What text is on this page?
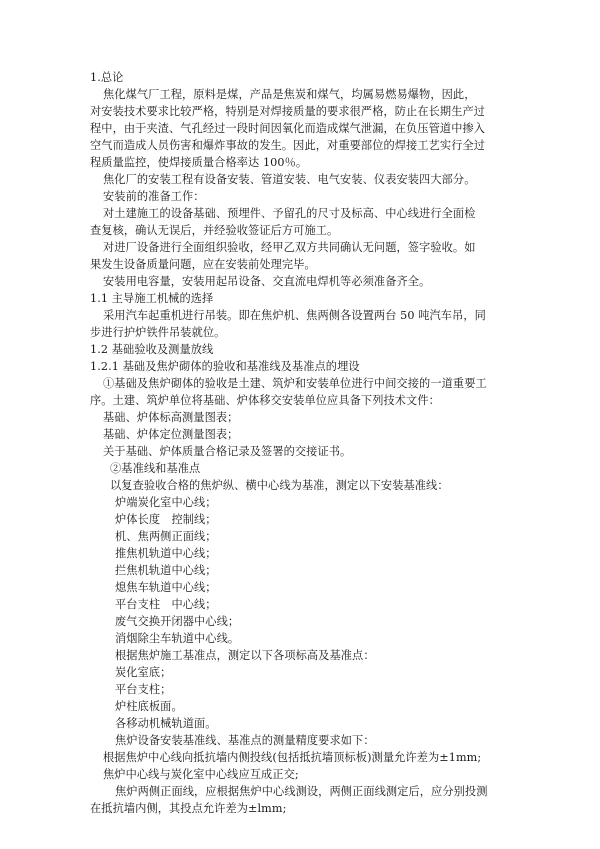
1.总论
焦化煤气厂工程，原料是煤，产品是焦炭和煤气，均属易燃易爆物，因此，
对安装技术要求比较严格，特别是对焊接质量的要求很严格，防止在长期生产过
程中，由于夹渣、气孔经过一段时间因氧化而造成煤气泄漏，在负压管道中掺入
空气而造成人员伤害和爆炸事故的发生。因此，对重要部位的焊接工艺实行全过
程质量监控，使焊接质量合格率达 100％。
焦化厂的安装工程有设备安装、管道安装、电气安装、仪表安装四大部分。
安装前的准备工作：
对土建施工的设备基础、预埋件、予留孔的尺寸及标高、中心线进行全面检
查复核，确认无误后，并经验收签证后方可施工。
对进厂设备进行全面组织验收，经甲乙双方共同确认无问题，签字验收。如
果发生设备质量问题，应在安装前处理完毕。
安装用电容量，安装用起吊设备、交直流电焊机等必须准备齐全。
1.1 主导施工机械的选择
采用汽车起重机进行吊装。即在焦炉机、焦两侧各设置两台 50 吨汽车吊，同
步进行护炉铁件吊装就位。
1.2 基础验收及测量放线
1.2.1 基础及焦炉砌体的验收和基准线及基准点的埋设
①基础及焦炉砌体的验收是土建、筑炉和安装单位进行中间交接的一道重要工
序。土建、筑炉单位将基础、炉体移交安装单位应具备下列技术文件：
基础、炉体标高测量图表；
基础、炉体定位测量图表；
关于基础、炉体质量合格记录及签署的交接证书。
②基准线和基准点
以复查验收合格的焦炉纵、横中心线为基准，测定以下安装基准线：
炉端炭化室中心线；
炉体长度　控制线；
机、焦两侧正面线；
推焦机轨道中心线；
拦焦机轨道中心线；
熄焦车轨道中心线；
平台支柱　中心线；
废气交换开闭器中心线；
消烟除尘车轨道中心线。
根据焦炉施工基准点，测定以下各项标高及基准点：
炭化室底；
平台支柱；
炉柱底板面。
各移动机械轨道面。
焦炉设备安装基准线、基准点的测量精度要求如下：
根据焦炉中心线向抵抗墙内侧投线(包括抵抗墙顶标板)测量允许差为±1mm;
焦炉中心线与炭化室中心线应互成正交;
焦炉两侧正面线，应根据焦炉中心线测设，两侧正面线测定后，应分别投测
在抵抗墙内侧，其投点允许差为±lmm;
